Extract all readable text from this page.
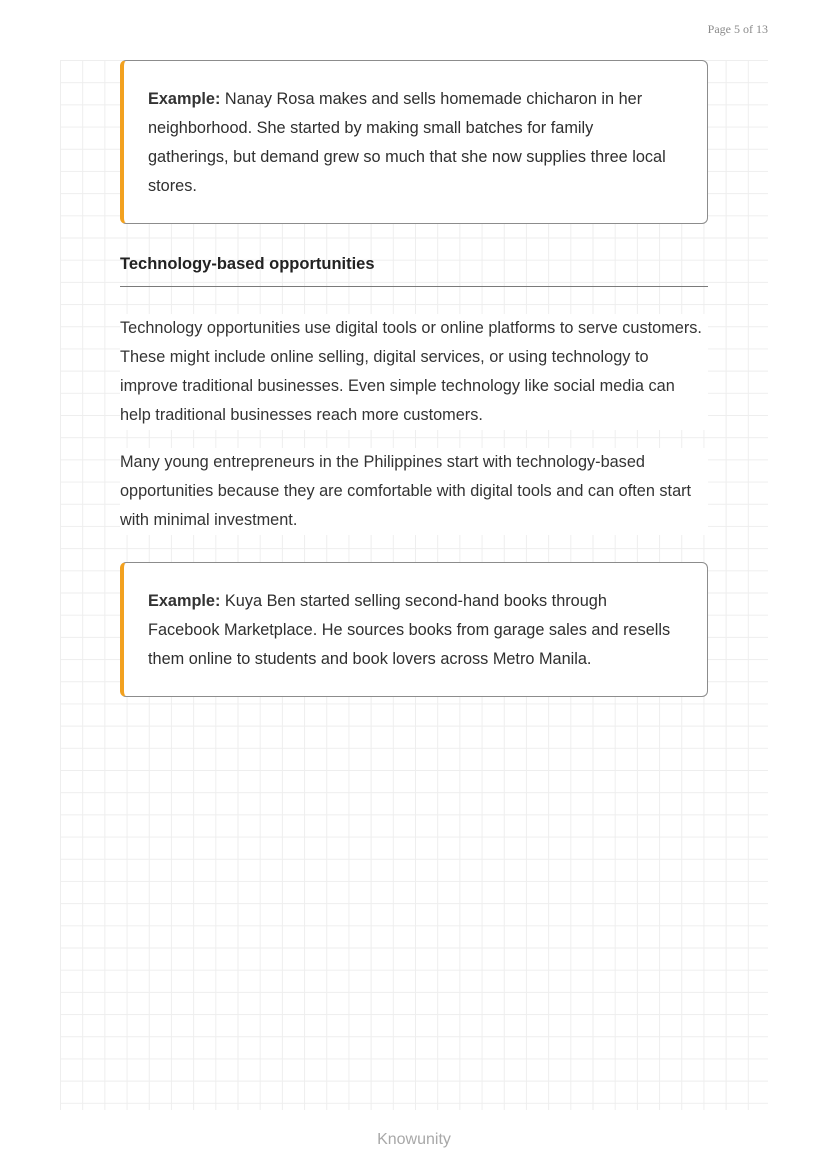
Page 5 of 13
Example: Nanay Rosa makes and sells homemade chicharon in her neighborhood. She started by making small batches for family gatherings, but demand grew so much that she now supplies three local stores.
Technology-based opportunities
Technology opportunities use digital tools or online platforms to serve customers. These might include online selling, digital services, or using technology to improve traditional businesses. Even simple technology like social media can help traditional businesses reach more customers.
Many young entrepreneurs in the Philippines start with technology-based opportunities because they are comfortable with digital tools and can often start with minimal investment.
Example: Kuya Ben started selling second-hand books through Facebook Marketplace. He sources books from garage sales and resells them online to students and book lovers across Metro Manila.
Knowunity
